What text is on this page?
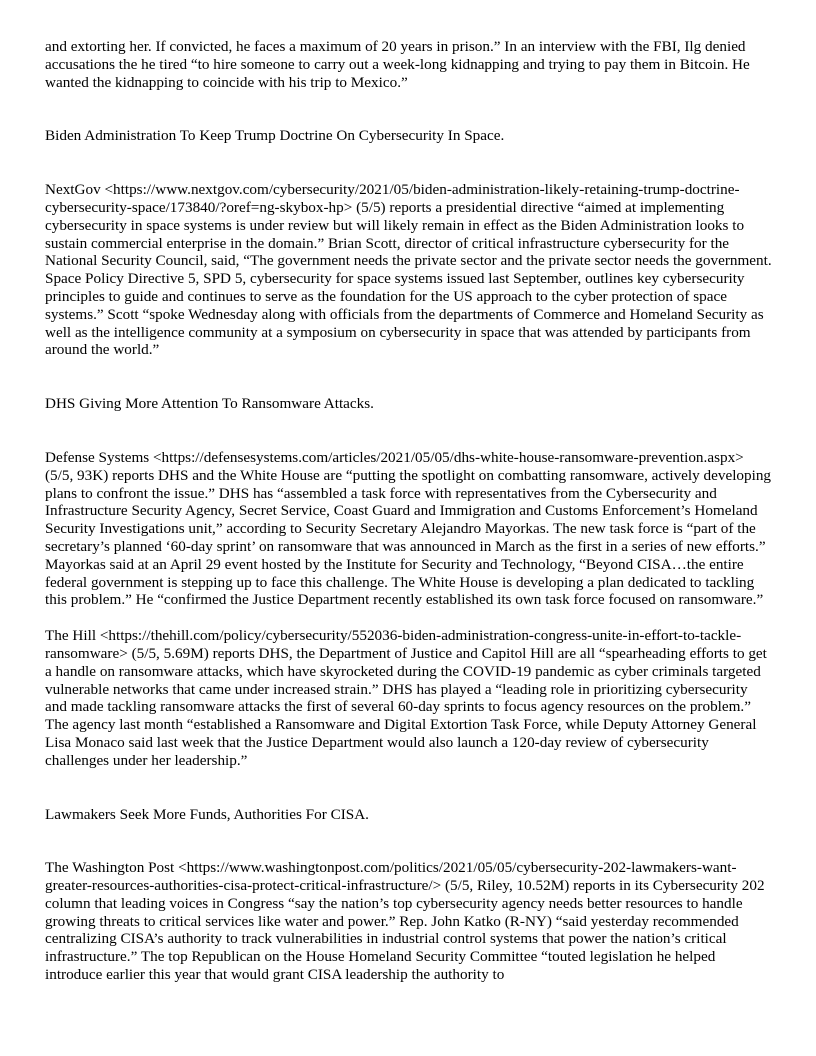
and extorting her. If convicted, he faces a maximum of 20 years in prison.” In an interview with the FBI, Ilg denied accusations the he tired “to hire someone to carry out a week-long kidnapping and trying to pay them in Bitcoin. He wanted the kidnapping to coincide with his trip to Mexico.”

Biden Administration To Keep Trump Doctrine On Cybersecurity In Space.

NextGov <https://www.nextgov.com/cybersecurity/2021/05/biden-administration-likely-retaining-trump-doctrine-cybersecurity-space/173840/?oref=ng-skybox-hp> (5/5) reports a presidential directive “aimed at implementing cybersecurity in space systems is under review but will likely remain in effect as the Biden Administration looks to sustain commercial enterprise in the domain.” Brian Scott, director of critical infrastructure cybersecurity for the National Security Council, said, “The government needs the private sector and the private sector needs the government. Space Policy Directive 5, SPD 5, cybersecurity for space systems issued last September, outlines key cybersecurity principles to guide and continues to serve as the foundation for the US approach to the cyber protection of space systems.” Scott “spoke Wednesday along with officials from the departments of Commerce and Homeland Security as well as the intelligence community at a symposium on cybersecurity in space that was attended by participants from around the world.”

DHS Giving More Attention To Ransomware Attacks.

Defense Systems <https://defensesystems.com/articles/2021/05/05/dhs-white-house-ransomware-prevention.aspx> (5/5, 93K) reports DHS and the White House are “putting the spotlight on combatting ransomware, actively developing plans to confront the issue.” DHS has “assembled a task force with representatives from the Cybersecurity and Infrastructure Security Agency, Secret Service, Coast Guard and Immigration and Customs Enforcement’s Homeland Security Investigations unit,” according to Security Secretary Alejandro Mayorkas. The new task force is “part of the secretary’s planned ‘60-day sprint’ on ransomware that was announced in March as the first in a series of new efforts.” Mayorkas said at an April 29 event hosted by the Institute for Security and Technology, “Beyond CISA…the entire federal government is stepping up to face this challenge. The White House is developing a plan dedicated to tackling this problem.” He “confirmed the Justice Department recently established its own task force focused on ransomware.”

The Hill <https://thehill.com/policy/cybersecurity/552036-biden-administration-congress-unite-in-effort-to-tackle-ransomware> (5/5, 5.69M) reports DHS, the Department of Justice and Capitol Hill are all “spearheading efforts to get a handle on ransomware attacks, which have skyrocketed during the COVID-19 pandemic as cyber criminals targeted vulnerable networks that came under increased strain.” DHS has played a “leading role in prioritizing cybersecurity and made tackling ransomware attacks the first of several 60-day sprints to focus agency resources on the problem.” The agency last month “established a Ransomware and Digital Extortion Task Force, while Deputy Attorney General Lisa Monaco said last week that the Justice Department would also launch a 120-day review of cybersecurity challenges under her leadership.”

Lawmakers Seek More Funds, Authorities For CISA.

The Washington Post <https://www.washingtonpost.com/politics/2021/05/05/cybersecurity-202-lawmakers-want-greater-resources-authorities-cisa-protect-critical-infrastructure/> (5/5, Riley, 10.52M) reports in its Cybersecurity 202 column that leading voices in Congress “say the nation’s top cybersecurity agency needs better resources to handle growing threats to critical services like water and power.” Rep. John Katko (R-NY) “said yesterday recommended centralizing CISA’s authority to track vulnerabilities in industrial control systems that power the nation’s critical infrastructure.” The top Republican on the House Homeland Security Committee “touted legislation he helped introduce earlier this year that would grant CISA leadership the authority to
